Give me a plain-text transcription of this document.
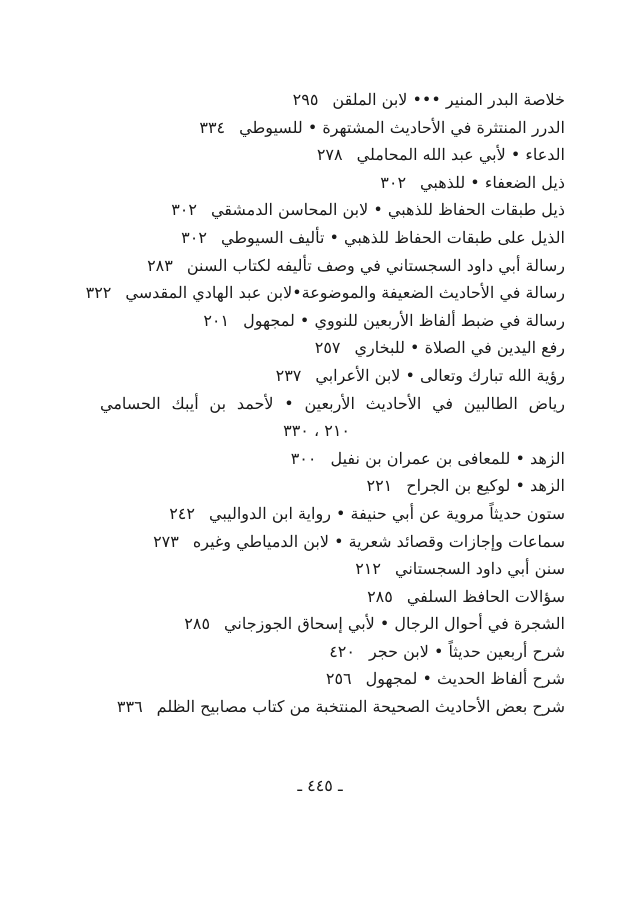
خلاصة البدر المنير ••• لابن الملقن٢٩٥
الدرر المنتثرة في الأحاديث المشتهرة • للسيوطي٣٣٤
الدعاء • لأبي عبد الله المحاملي٢٧٨
ذيل الضعفاء • للذهبي٣٠٢
ذيل طبقات الحفاظ للذهبي • لابن المحاسن الدمشقي٣٠٢
الذيل على طبقات الحفاظ للذهبي • تأليف السيوطي٣٠٢
رسالة أبي داود السجستاني في وصف تأليفه لكتاب السنن٢٨٣
رسالة في الأحاديث الضعيفة والموضوعة•لابن عبد الهادي المقدسي٣٢٢
رسالة في ضبط ألفاظ الأربعين للنووي • لمجهول٢٠١
رفع اليدين في الصلاة • للبخاري٢٥٧
رؤية الله تبارك وتعالى • لابن الأعرابي٢٣٧
رياض الطالبين في الأحاديث الأربعين • لأحمد بن أيبك الحسامي
٢١٠ ، ٣٣٠
الزهد • للمعافى بن عمران بن نفيل٣٠٠
الزهد • لوكيع بن الجراح٢٢١
ستون حديثاً مروية عن أبي حنيفة • رواية ابن الدواليبي٢٤٢
سماعات وإجازات وقصائد شعرية • لابن الدمياطي وغيره٢٧٣
سنن أبي داود السجستاني٢١٢
سؤالات الحافظ السلفي٢٨٥
الشجرة في أحوال الرجال • لأبي إسحاق الجوزجاني٢٨٥
شرح أربعين حديثاً • لابن حجر٤٢٠
شرح ألفاظ الحديث • لمجهول٢٥٦
شرح بعض الأحاديث الصحيحة المنتخبة من كتاب مصابيح الظلم٣٣٦
ـ ٤٤٥ ـ
